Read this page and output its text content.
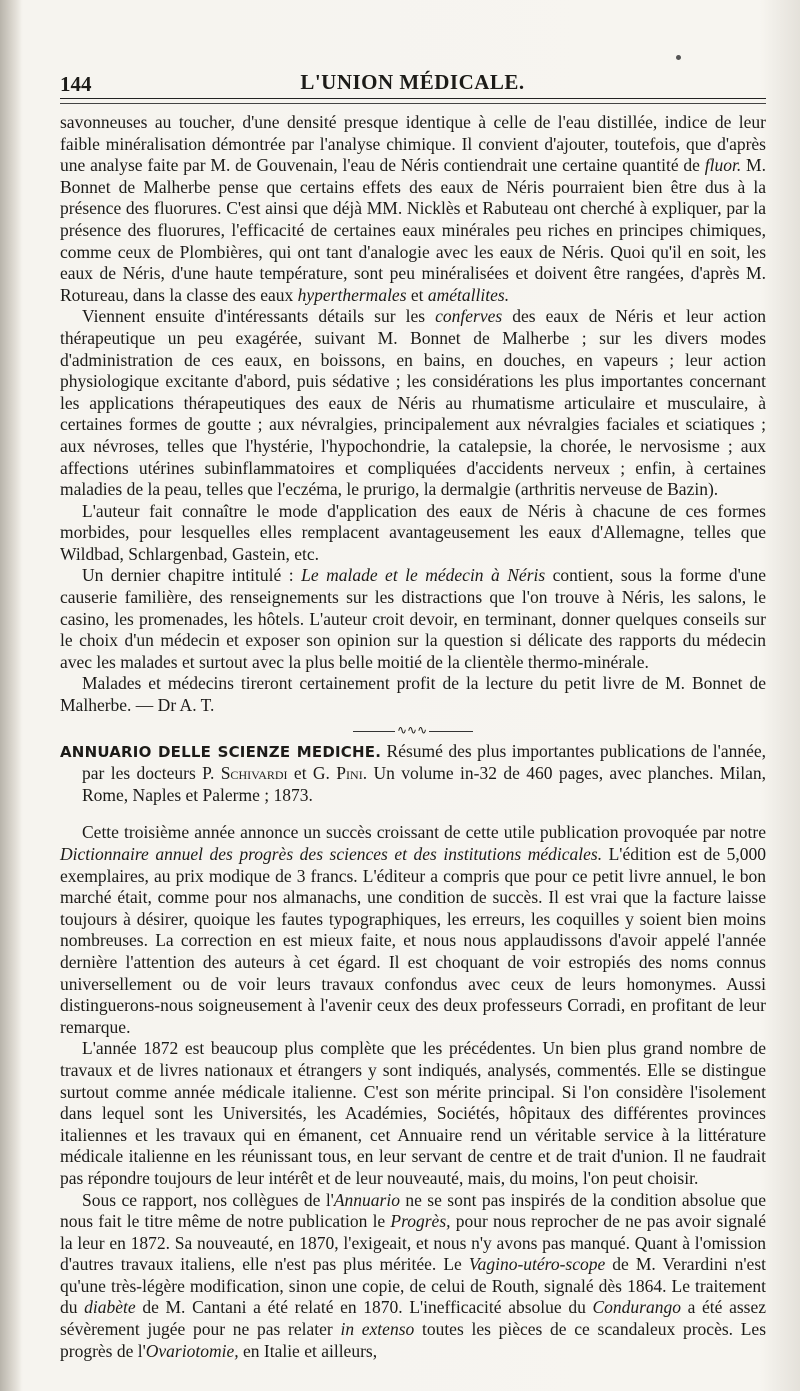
144	L'UNION MÉDICALE.

savonneuses au toucher, d'une densité presque identique à celle de l'eau distillée, indice de leur faible minéralisation démontrée par l'analyse chimique. Il convient d'ajouter, toutefois, que d'après une analyse faite par M. de Gouvenain, l'eau de Néris contiendrait une certaine quantité de fluor. M. Bonnet de Malherbe pense que certains effets des eaux de Néris pourraient bien être dus à la présence des fluorures. C'est ainsi que déjà MM. Nicklès et Rabuteau ont cherché à expliquer, par la présence des fluorures, l'efficacité de certaines eaux minérales peu riches en principes chimiques, comme ceux de Plombières, qui ont tant d'analogie avec les eaux de Néris. Quoi qu'il en soit, les eaux de Néris, d'une haute température, sont peu minéralisées et doivent être rangées, d'après M. Rotureau, dans la classe des eaux hyperthermales et amétallites.

Viennent ensuite d'intéressants détails sur les conferves des eaux de Néris et leur action thérapeutique un peu exagérée, suivant M. Bonnet de Malherbe ; sur les divers modes d'administration de ces eaux, en boissons, en bains, en douches, en vapeurs ; leur action physiologique excitante d'abord, puis sédative ; les considérations les plus importantes concernant les applications thérapeutiques des eaux de Néris au rhumatisme articulaire et musculaire, à certaines formes de goutte ; aux névralgies, principalement aux névralgies faciales et sciatiques ; aux névroses, telles que l'hystérie, l'hypochondrie, la catalepsie, la chorée, le nervosisme ; aux affections utérines subinflammatoires et compliquées d'accidents nerveux ; enfin, à certaines maladies de la peau, telles que l'eczéma, le prurigo, la dermalgie (arthritis nerveuse de Bazin).

L'auteur fait connaître le mode d'application des eaux de Néris à chacune de ces formes morbides, pour lesquelles elles remplacent avantageusement les eaux d'Allemagne, telles que Wildbad, Schlargenbad, Gastein, etc.

Un dernier chapitre intitulé : Le malade et le médecin à Néris contient, sous la forme d'une causerie familière, des renseignements sur les distractions que l'on trouve à Néris, les salons, le casino, les promenades, les hôtels. L'auteur croit devoir, en terminant, donner quelques conseils sur le choix d'un médecin et exposer son opinion sur la question si délicate des rapports du médecin avec les malades et surtout avec la plus belle moitié de la clientèle thermo-minérale.

Malades et médecins tireront certainement profit de la lecture du petit livre de M. Bonnet de Malherbe. — Dr A. T.

∿∿∿

ANNUARIO DELLE SCIENZE MEDICHE. Résumé des plus importantes publications de l'année, par les docteurs P. Schivardi et G. Pini. Un volume in-32 de 460 pages, avec planches. Milan, Rome, Naples et Palerme ; 1873.

Cette troisième année annonce un succès croissant de cette utile publication provoquée par notre Dictionnaire annuel des progrès des sciences et des institutions médicales. L'édition est de 5,000 exemplaires, au prix modique de 3 francs. L'éditeur a compris que pour ce petit livre annuel, le bon marché était, comme pour nos almanachs, une condition de succès. Il est vrai que la facture laisse toujours à désirer, quoique les fautes typographiques, les erreurs, les coquilles y soient bien moins nombreuses. La correction en est mieux faite, et nous nous applaudissons d'avoir appelé l'année dernière l'attention des auteurs à cet égard. Il est choquant de voir estropiés des noms connus universellement ou de voir leurs travaux confondus avec ceux de leurs homonymes. Aussi distinguerons-nous soigneusement à l'avenir ceux des deux professeurs Corradi, en profitant de leur remarque.

L'année 1872 est beaucoup plus complète que les précédentes. Un bien plus grand nombre de travaux et de livres nationaux et étrangers y sont indiqués, analysés, commentés. Elle se distingue surtout comme année médicale italienne. C'est son mérite principal. Si l'on considère l'isolement dans lequel sont les Universités, les Académies, Sociétés, hôpitaux des différentes provinces italiennes et les travaux qui en émanent, cet Annuaire rend un véritable service à la littérature médicale italienne en les réunissant tous, en leur servant de centre et de trait d'union. Il ne faudrait pas répondre toujours de leur intérêt et de leur nouveauté, mais, du moins, l'on peut choisir.

Sous ce rapport, nos collègues de l'Annuario ne se sont pas inspirés de la condition absolue que nous fait le titre même de notre publication le Progrès, pour nous reprocher de ne pas avoir signalé la leur en 1872. Sa nouveauté, en 1870, l'exigeait, et nous n'y avons pas manqué. Quant à l'omission d'autres travaux italiens, elle n'est pas plus méritée. Le Vagino-utéro-scope de M. Verardini n'est qu'une très-légère modification, sinon une copie, de celui de Routh, signalé dès 1864. Le traitement du diabète de M. Cantani a été relaté en 1870. L'inefficacité absolue du Condurango a été assez sévèrement jugée pour ne pas relater in extenso toutes les pièces de ce scandaleux procès. Les progrès de l'Ovariotomie, en Italie et ailleurs,
